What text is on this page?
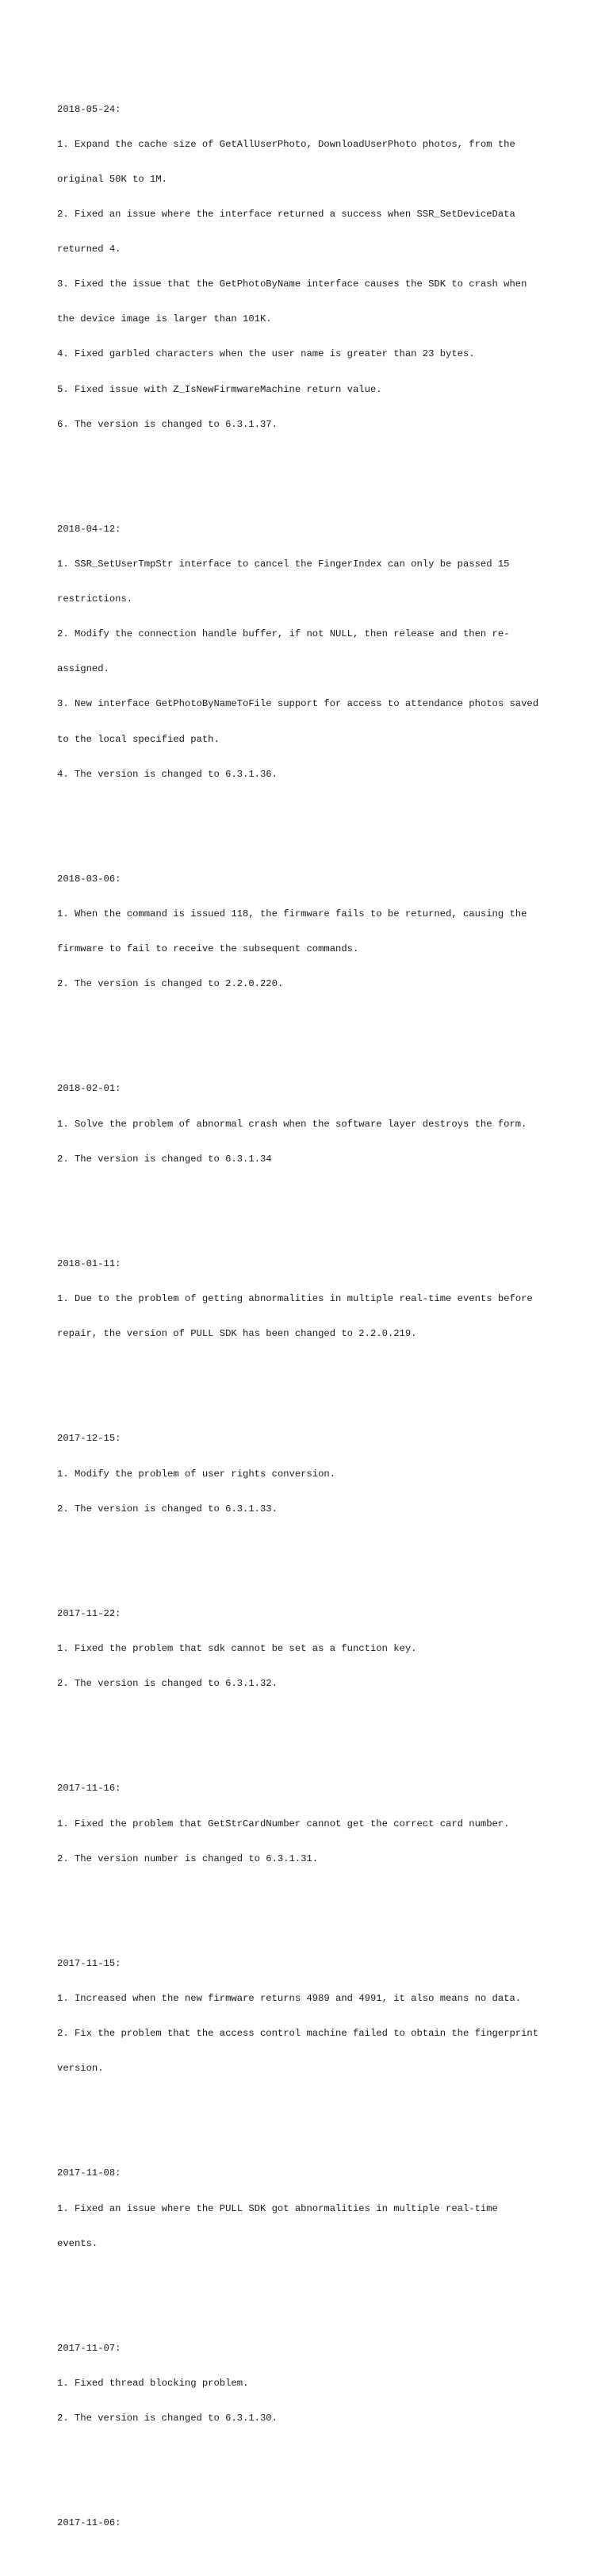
2018-05-24:

1. Expand the cache size of GetAllUserPhoto, DownloadUserPhoto photos, from the

original 50K to 1M.

2. Fixed an issue where the interface returned a success when SSR_SetDeviceData

returned 4.

3. Fixed the issue that the GetPhotoByName interface causes the SDK to crash when

the device image is larger than 101K.

4. Fixed garbled characters when the user name is greater than 23 bytes.

5. Fixed issue with Z_IsNewFirmwareMachine return value.

6. The version is changed to 6.3.1.37.

2018-04-12:

1. SSR_SetUserTmpStr interface to cancel the FingerIndex can only be passed 15

restrictions.

2. Modify the connection handle buffer, if not NULL, then release and then re-

assigned.

3. New interface GetPhotoByNameToFile support for access to attendance photos saved

to the local specified path.

4. The version is changed to 6.3.1.36.

2018-03-06:

1. When the command is issued 118, the firmware fails to be returned, causing the

firmware to fail to receive the subsequent commands.

2. The version is changed to 2.2.0.220.

2018-02-01:

1. Solve the problem of abnormal crash when the software layer destroys the form.

2. The version is changed to 6.3.1.34

2018-01-11:

1. Due to the problem of getting abnormalities in multiple real-time events before

repair, the version of PULL SDK has been changed to 2.2.0.219.

2017-12-15:

1. Modify the problem of user rights conversion.

2. The version is changed to 6.3.1.33.

2017-11-22:

1. Fixed the problem that sdk cannot be set as a function key.

2. The version is changed to 6.3.1.32.

2017-11-16:

1. Fixed the problem that GetStrCardNumber cannot get the correct card number.

2. The version number is changed to 6.3.1.31.

2017-11-15:

1. Increased when the new firmware returns 4989 and 4991, it also means no data.

2. Fix the problem that the access control machine failed to obtain the fingerprint

version.

2017-11-08:

1. Fixed an issue where the PULL SDK got abnormalities in multiple real-time

events.

2017-11-07:

1. Fixed thread blocking problem.

2. The version is changed to 6.3.1.30.

2017-11-06:
